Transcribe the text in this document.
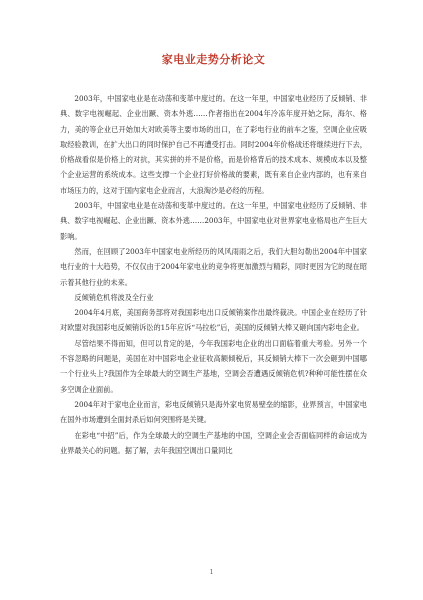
家电业走势分析论文

2003年，中国家电业是在动荡和变革中度过的。在这一年里，中国家电业经历了反倾销、非典、数字电视崛起、企业出蹶、资本外逃……作者指出在2004年冷冻年度开始之际，海尔、格力，美的等企业已开始加大对欧美等主要市场的出口，在了彩电行业的前车之鉴，空调企业应吸取经验教训，在扩大出口的同时保护自己不再遭受打击。同时2004年价格战还将继续进行下去，价格战看似是价格上的对抗，其实拼的并不是价格，而是价格背后的技术成本、规模成本以及整个企业运营的系统成本。这些支撑一个企业打好价格战的要素，既有来自企业内部的，也有来自市场压力的，这对于国内家电企业而言，大浪淘沙是必经的历程。

2003年，中国家电业是在动荡和变革中度过的。在这一年里，中国家电业经历了反倾销、非典、数字电视崛起、企业出蹶、资本外逃……2003年，中国家电业对世界家电业格局也产生巨大影响。

然而，在回顾了2003年中国家电业所经历的风风雨雨之后，我们大胆勾勒出2004年中国家电行业的十大趋势，不仅仅由于2004年家电业的竞争将更加激烈与精彩，同时更因为它的现在昭示着其他行业的未来。

反倾销危机将波及全行业

2004年4月底，美国商务部将对我国彩电出口反倾销案作出最终裁决。中国企业在经历了针对欧盟对我国彩电反倾销诉讼的15年应诉“马拉松”后，美国的反倾销大棒又砸向国内彩电企业。

尽管结果不得而知，但可以肯定的是，今年我国彩电企业的出口面临着重大考验。另外一个不容忽略的问题是，美国在对中国彩电企业征收高额倾税后，其反倾销大棒下一次会砸到中国哪一个行业头上?我国作为全球最大的空调生产基地，空调会否遭遇反倾销危机?种种可能性摆在众多空调企业面前。

2004年对于家电企业而言，彩电反倾销只是海外家电贸易壁垒的缩影，业界预言，中国家电在国外市场遭到全面封杀后如何突围将是关键。

在彩电“中招”后，作为全球最大的空调生产基地的中国，空调企业会否面临同样的命运成为业界最关心的问题。据了解，去年我国空调出口量同比

1
